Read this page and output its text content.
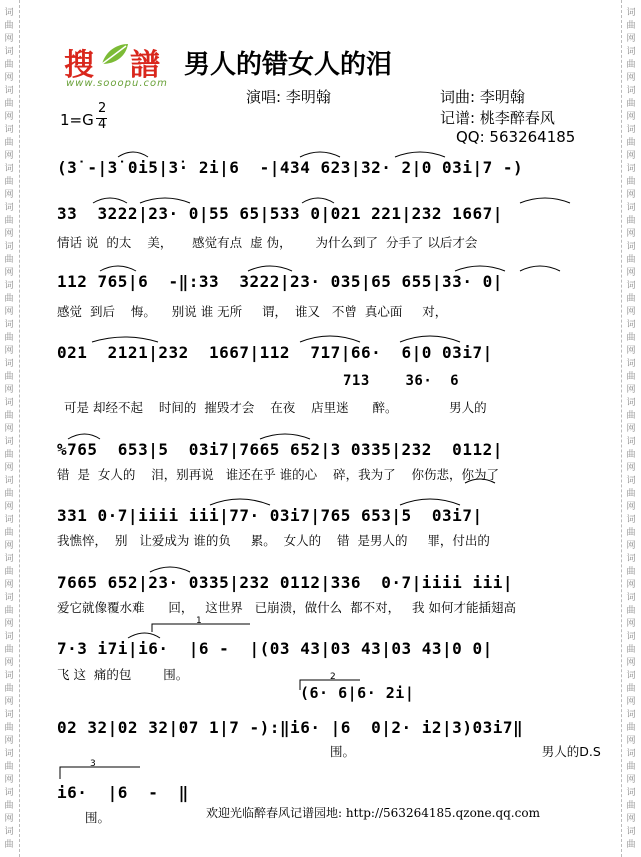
词
曲
网
词
曲
网
词
曲
网
词
曲
网
词
曲
网
词
曲
网
词
曲
网
词
曲
网
词
曲
网
词
曲
网
词
曲
网
词
曲
网
词
曲
网
词
曲
网
词
曲
网
词
曲
网
词
曲
网
词
曲
网
词
曲
网
词
曲
网
词
曲
网
词
曲
词
曲
网
词
曲
网
词
曲
网
词
曲
网
词
曲
网
词
曲
网
词
曲
网
词
曲
网
词
曲
网
词
曲
网
词
曲
网
词
曲
网
词
曲
网
词
曲
网
词
曲
网
词
曲
网
词
曲
网
词
曲
网
词
曲
网
词
曲
网
词
曲
网
词
曲
搜 譜
www.sooopu.com
男人的错女人的泪
演唱: 李明翰	词曲: 李明翰
记谱: 桃李醉春风
QQ: 563264185
1=G
2
4
(3̇ -|3̇ 0i5|3̇· 2i|6  -|434 623|32· 2|0 03i|7 -)
33  3222|23· 0|55 65|533 0|021 221|232 1667|
情话 说  的太    美，     感觉有点  虚 伪，      为什么到了  分手了 以后才会
112 765|6  -‖:33  3222|23· 035|65 655|33· 0|
感觉  到后    悔。    别说 谁 无所     谓，  谁又   不曾  真心面     对，
021  2121|232  1667|112  717|66·  6|0 03i7|
713    36·  6
可是 却经不起    时间的  摧毁才会    在夜    店里迷      醉。             男人的
%765  653|5  03i7|7665 652|3 0335|232  0112|
错  是  女人的    泪，别再说   谁还在乎 谁的心    碎，我为了    你伤悲，你为了
331 0·7|iiii iii|77· 03i7|765 653|5  03i7|
我憔悴，  别   让爱成为 谁的负     累。  女人的    错  是男人的     罪，付出的
7665 652|23· 0335|232 0112|336  0·7|iiii iii|
爱它就像覆水难      回，   这世界   已崩溃，做什么  都不对，   我 如何才能插翅高
7·3 i7i|i6·  |6 -  |(03 43|03 43|03 43|0 0|
飞 这  痛的包        围。
(6· 6|6· 2i|
02 32|02 32|07 1|7 -):‖i6· |6  0|2· i2|3)03i7‖
围。                                               男人的D.S
i6·  |6  -  ‖
围。	欢迎光临醉春风记谱园地: http://563264185.qzone.qq.com
1
2
3
